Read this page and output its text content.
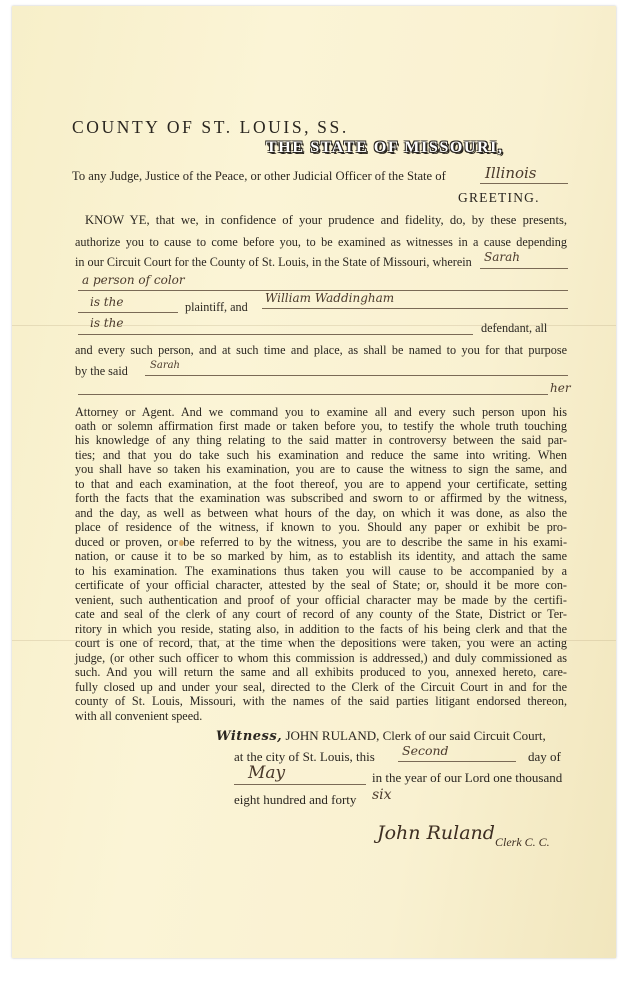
COUNTY OF ST. LOUIS, SS.
THE STATE OF MISSOURI,
To any Judge, Justice of the Peace, or other Judicial Officer of the State of	Illinois
GREETING.
KNOW YE, that we, in confidence of your prudence and fidelity, do, by these presents,
authorize you to cause to come before you, to be examined as witnesses in a cause depending
in our Circuit Court for the County of St. Louis, in the State of Missouri, wherein Sarah
a person of color
is the	plaintiff, and
William Waddingham
is the	defendant, all
and every such person, and at such time and place, as shall be named to you for that purpose
by the said Sarah
her
Attorney or Agent. And we command you to examine all and every such person upon his
oath or solemn affirmation first made or taken before you, to testify the whole truth touching
his knowledge of any thing relating to the said matter in controversy between the said par-
ties; and that you do take such his examination and reduce the same into writing. When
you shall have so taken his examination, you are to cause the witness to sign the same, and
to that and each examination, at the foot thereof, you are to append your certificate, setting
forth the facts that the examination was subscribed and sworn to or affirmed by the witness,
and the day, as well as between what hours of the day, on which it was done, as also the
place of residence of the witness, if known to you. Should any paper or exhibit be pro-
duced or proven, or be referred to by the witness, you are to describe the same in his exami-
nation, or cause it to be so marked by him, as to establish its identity, and attach the same
to his examination. The examinations thus taken you will cause to be accompanied by a
certificate of your official character, attested by the seal of State; or, should it be more con-
venient, such authentication and proof of your official character may be made by the certifi-
cate and seal of the clerk of any court of record of any county of the State, District or Ter-
ritory in which you reside, stating also, in addition to the facts of his being clerk and that the
court is one of record, that, at the time when the depositions were taken, you were an acting
judge, (or other such officer to whom this commission is addressed,) and duly commissioned as
such. And you will return the same and all exhibits produced to you, annexed hereto, care-
fully closed up and under your seal, directed to the Clerk of the Circuit Court in and for the
county of St. Louis, Missouri, with the names of the said parties litigant endorsed thereon,
with all convenient speed.
Witness, JOHN RULAND, Clerk of our said Circuit Court,
at the city of St. Louis, this Second	day of
May	in the year of our Lord one thousand
eight hundred and forty six
John Ruland Clerk C. C.
